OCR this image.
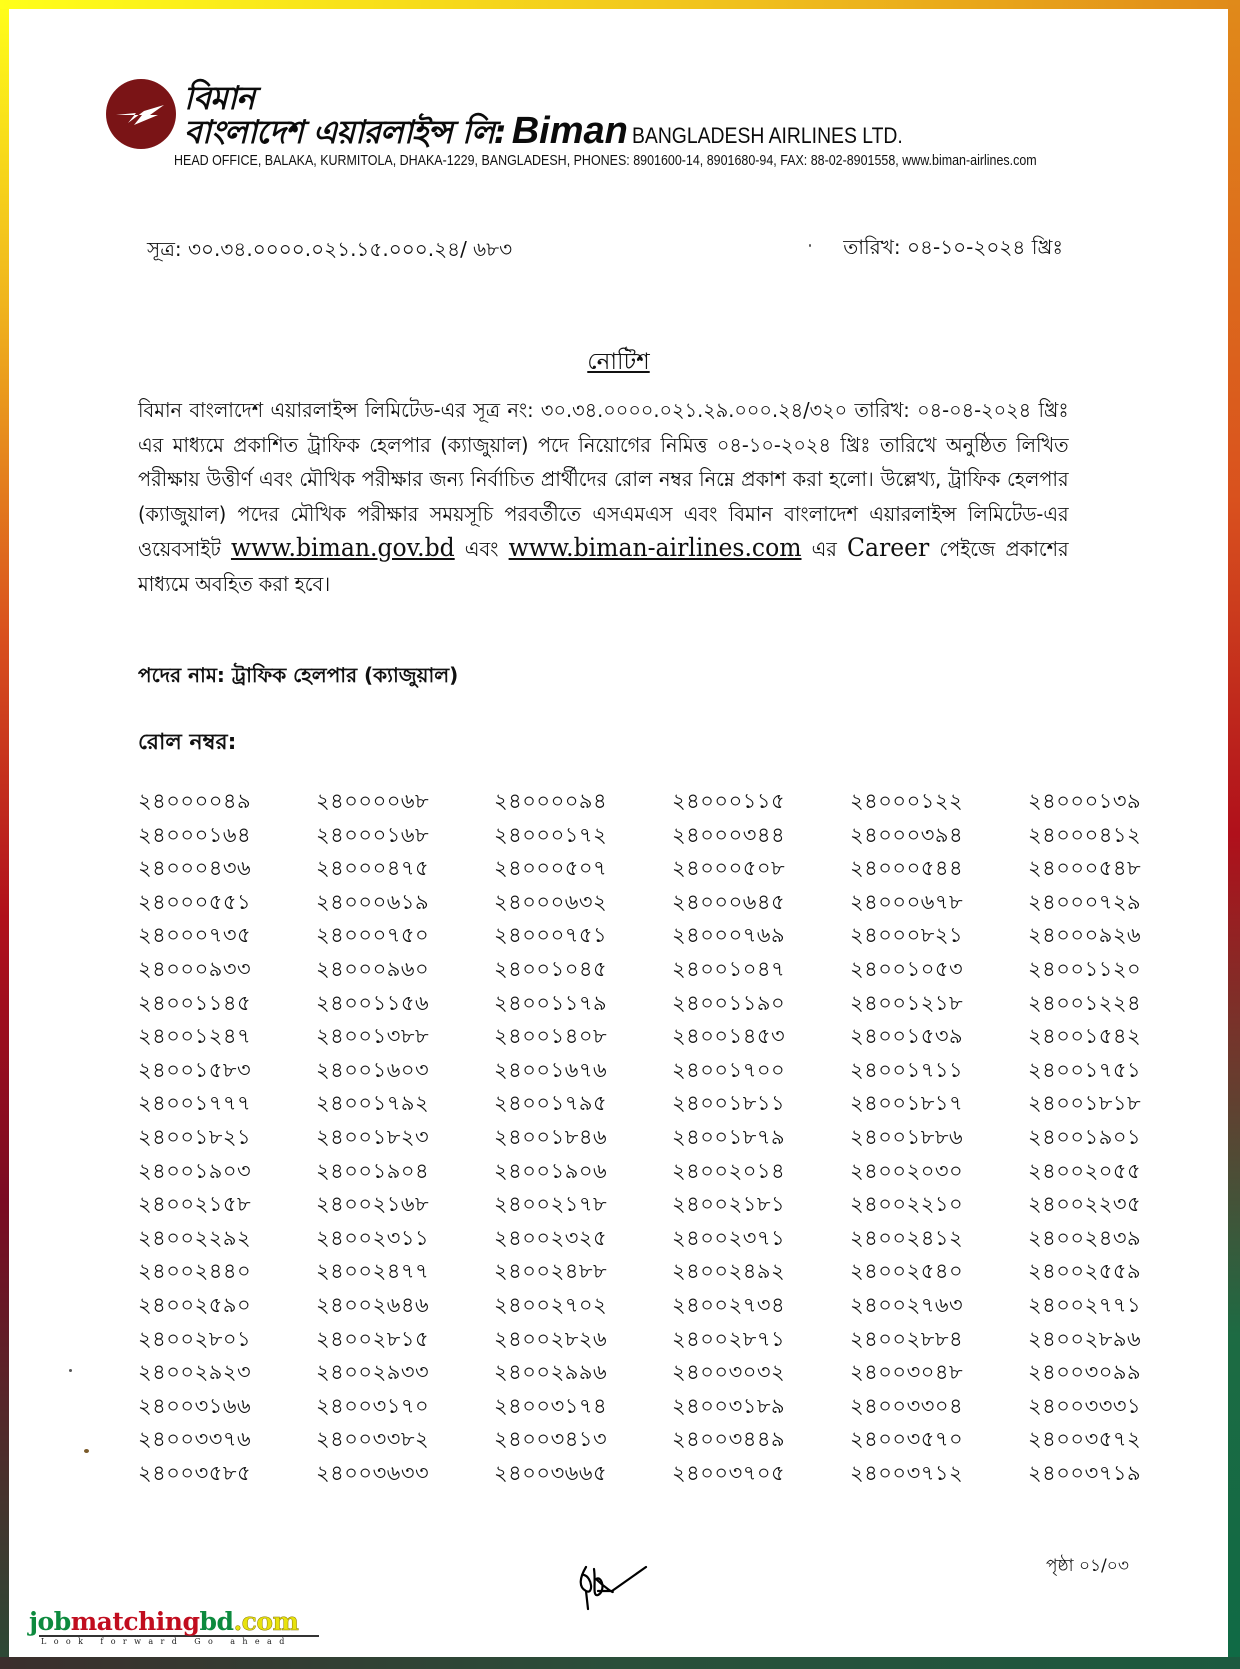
বিমান
বাংলাদেশ এয়ারলাইন্স লি: Biman BANGLADESH AIRLINES LTD.
HEAD OFFICE, BALAKA, KURMITOLA, DHAKA-1229, BANGLADESH, PHONES: 8901600-14, 8901680-94, FAX: 88-02-8901558, www.biman-airlines.com
সূত্র: ৩০.৩৪.০০০০.০২১.১৫.০০০.২৪/ ৬৮৩	তারিখ: ০৪-১০-২০২৪ খ্রিঃ
নোটিশ
বিমান বাংলাদেশ এয়ারলাইন্স লিমিটেড-এর সূত্র নং: ৩০.৩৪.০০০০.০২১.২৯.০০০.২৪/৩২০ তারিখ: ০৪-০৪-২০২৪ খ্রিঃ এর মাধ্যমে প্রকাশিত ট্রাফিক হেলপার (ক্যাজুয়াল) পদে নিয়োগের নিমিত্ত ০৪-১০-২০২৪ খ্রিঃ তারিখে অনুষ্ঠিত লিখিত পরীক্ষায় উত্তীর্ণ এবং মৌখিক পরীক্ষার জন্য নির্বাচিত প্রার্থীদের রোল নম্বর নিম্নে প্রকাশ করা হলো। উল্লেখ্য, ট্রাফিক হেলপার (ক্যাজুয়াল) পদের মৌখিক পরীক্ষার সময়সূচি পরবর্তীতে এসএমএস এবং বিমান বাংলাদেশ এয়ারলাইন্স লিমিটেড-এর ওয়েবসাইট www.biman.gov.bd এবং www.biman-airlines.com এর Career পেইজে প্রকাশের মাধ্যমে অবহিত করা হবে।
পদের নাম: ট্রাফিক হেলপার (ক্যাজুয়াল)
রোল নম্বর:
২৪০০০০৪৯	২৪০০০০৬৮	২৪০০০০৯৪	২৪০০০১১৫	২৪০০০১২২	২৪০০০১৩৯
২৪০০০১৬৪	২৪০০০১৬৮	২৪০০০১৭২	২৪০০০৩৪৪	২৪০০০৩৯৪	২৪০০০৪১২
২৪০০০৪৩৬	২৪০০০৪৭৫	২৪০০০৫০৭	২৪০০০৫০৮	২৪০০০৫৪৪	২৪০০০৫৪৮
২৪০০০৫৫১	২৪০০০৬১৯	২৪০০০৬৩২	২৪০০০৬৪৫	২৪০০০৬৭৮	২৪০০০৭২৯
২৪০০০৭৩৫	২৪০০০৭৫০	২৪০০০৭৫১	২৪০০০৭৬৯	২৪০০০৮২১	২৪০০০৯২৬
২৪০০০৯৩৩	২৪০০০৯৬০	২৪০০১০৪৫	২৪০০১০৪৭	২৪০০১০৫৩	২৪০০১১২০
২৪০০১১৪৫	২৪০০১১৫৬	২৪০০১১৭৯	২৪০০১১৯০	২৪০০১২১৮	২৪০০১২২৪
২৪০০১২৪৭	২৪০০১৩৮৮	২৪০০১৪০৮	২৪০০১৪৫৩	২৪০০১৫৩৯	২৪০০১৫৪২
২৪০০১৫৮৩	২৪০০১৬০৩	২৪০০১৬৭৬	২৪০০১৭০০	২৪০০১৭১১	২৪০০১৭৫১
২৪০০১৭৭৭	২৪০০১৭৯২	২৪০০১৭৯৫	২৪০০১৮১১	২৪০০১৮১৭	২৪০০১৮১৮
২৪০০১৮২১	২৪০০১৮২৩	২৪০০১৮৪৬	২৪০০১৮৭৯	২৪০০১৮৮৬	২৪০০১৯০১
২৪০০১৯০৩	২৪০০১৯০৪	২৪০০১৯০৬	২৪০০২০১৪	২৪০০২০৩০	২৪০০২০৫৫
২৪০০২১৫৮	২৪০০২১৬৮	২৪০০২১৭৮	২৪০০২১৮১	২৪০০২২১০	২৪০০২২৩৫
২৪০০২২৯২	২৪০০২৩১১	২৪০০২৩২৫	২৪০০২৩৭১	২৪০০২৪১২	২৪০০২৪৩৯
২৪০০২৪৪০	২৪০০২৪৭৭	২৪০০২৪৮৮	২৪০০২৪৯২	২৪০০২৫৪০	২৪০০২৫৫৯
২৪০০২৫৯০	২৪০০২৬৪৬	২৪০০২৭০২	২৪০০২৭৩৪	২৪০০২৭৬৩	২৪০০২৭৭১
২৪০০২৮০১	২৪০০২৮১৫	২৪০০২৮২৬	২৪০০২৮৭১	২৪০০২৮৮৪	২৪০০২৮৯৬
২৪০০২৯২৩	২৪০০২৯৩৩	২৪০০২৯৯৬	২৪০০৩০৩২	২৪০০৩০৪৮	২৪০০৩০৯৯
২৪০০৩১৬৬	২৪০০৩১৭০	২৪০০৩১৭৪	২৪০০৩১৮৯	২৪০০৩৩০৪	২৪০০৩৩৩১
২৪০০৩৩৭৬	২৪০০৩৩৮২	২৪০০৩৪১৩	২৪০০৩৪৪৯	২৪০০৩৫৭০	২৪০০৩৫৭২
২৪০০৩৫৮৫	২৪০০৩৬৩৩	২৪০০৩৬৬৫	২৪০০৩৭০৫	২৪০০৩৭১২	২৪০০৩৭১৯
পৃষ্ঠা ০১/০৩
jobmatchingbd.com
Look forward Go ahead
